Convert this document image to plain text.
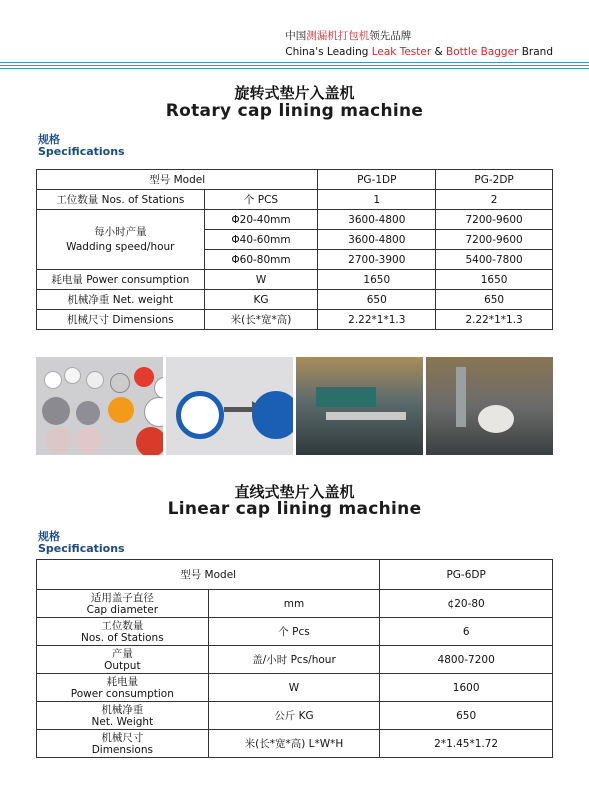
中国测漏机打包机领先品牌
China's Leading Leak Tester & Bottle Bagger Brand
旋转式垫片入盖机
Rotary cap lining machine
规格
Specifications
型号 Model		PG-1DP	PG-2DP
工位数量 Nos. of Stations	个 PCS	1	2

每小时产量
Wadding speed/hour	Φ20-40mm	3600-4800	7200-9600
	Φ40-60mm	3600-4800	7200-9600
	Φ60-80mm	2700-3900	5400-7800
耗电量 Power consumption	W	1650	1650
机械净重 Net. weight	KG	650	650
机械尺寸 Dimensions	米(长*宽*高)	2.22*1*1.3	2.22*1*1.3
直线式垫片入盖机
Linear cap lining machine
规格
Specifications
型号 Model		PG-6DP

适用盖子直径
Cap diameter	mm	¢20-80

工位数量
Nos. of Stations	个 Pcs	6

产量
Output	盖/小时 Pcs/hour	4800-7200

耗电量
Power consumption	W	1600

机械净重
Net. Weight	公斤 KG	650

机械尺寸
Dimensions	米(长*宽*高) L*W*H	2*1.45*1.72
